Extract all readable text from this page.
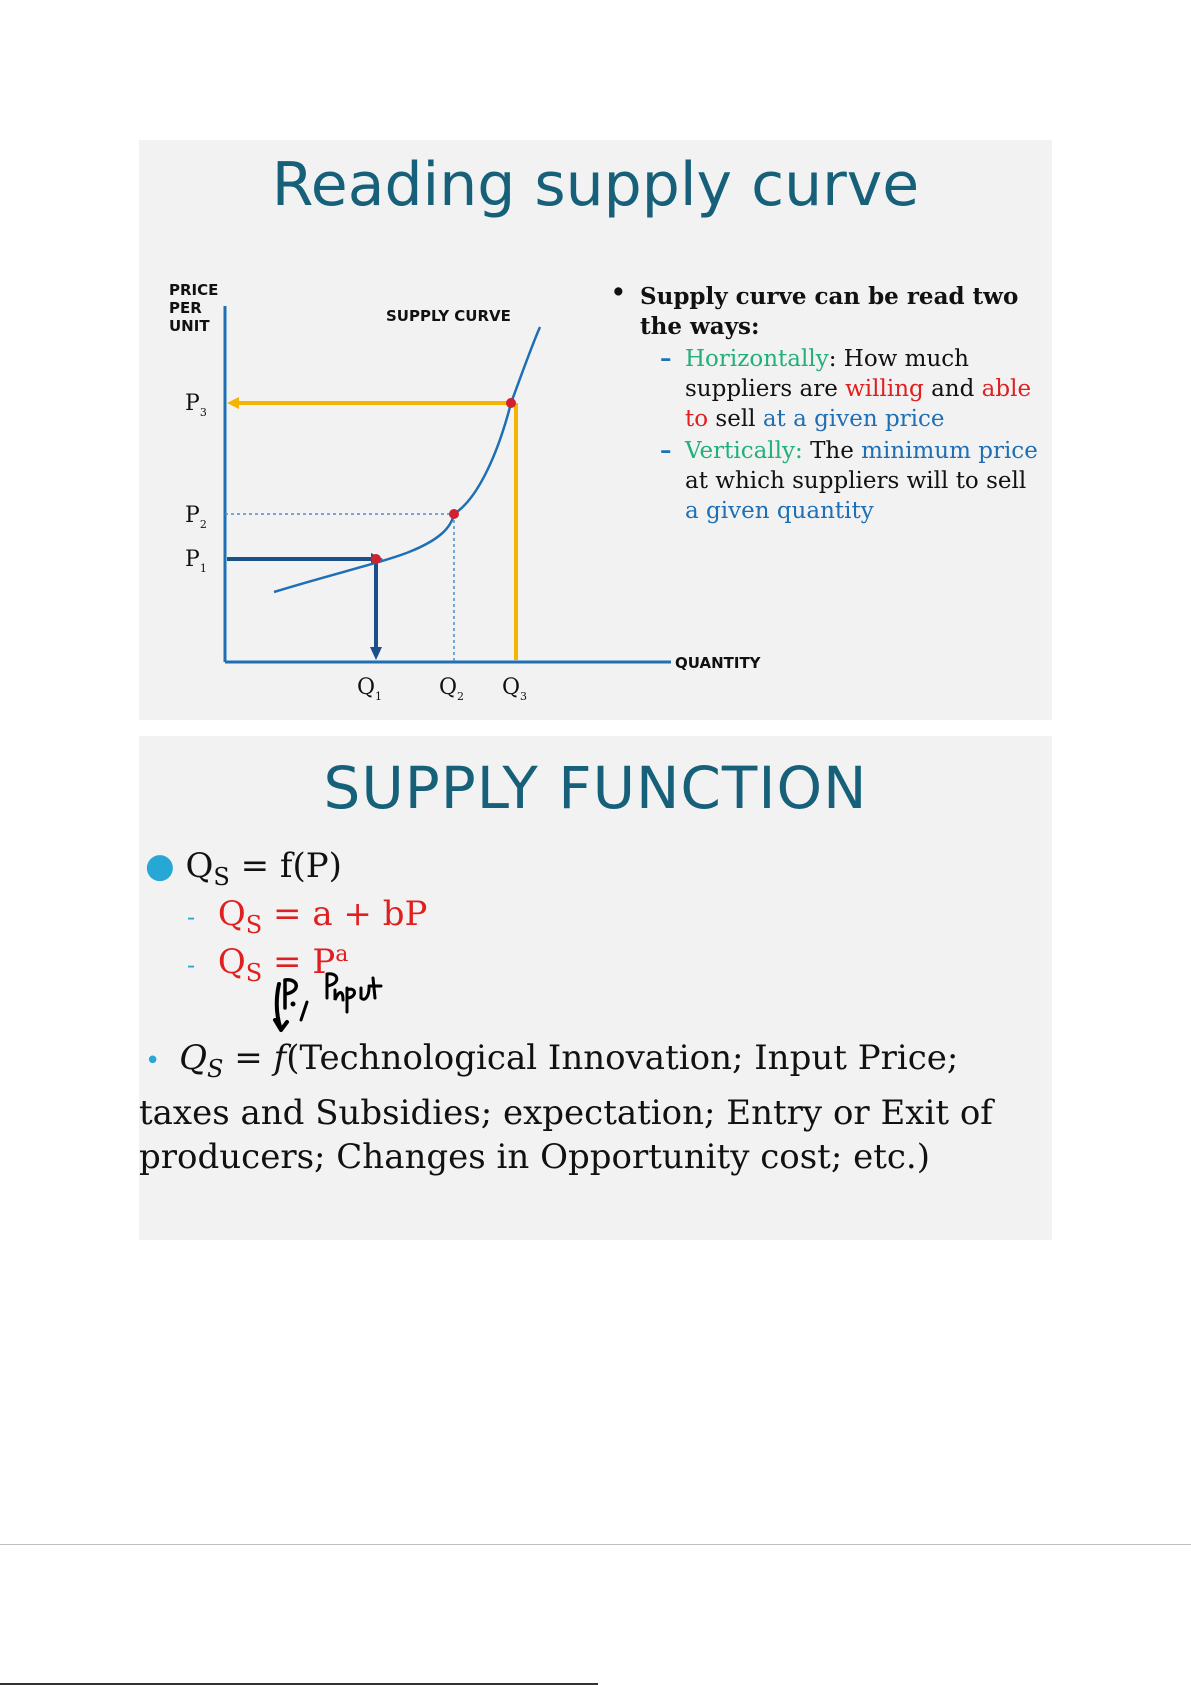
Reading supply curve
PRICE
PER
UNIT
SUPPLY CURVE
QUANTITY
$P_3$
$P_2$
$P_1$
$Q_1$	$Q_2$ $Q_3$
• Supply curve can be read two the ways:
– Horizontally: How much suppliers are willing and able to sell at a given price
– Vertically: The minimum price at which suppliers will to sell a given quantity
SUPPLY FUNCTION
● $Q_S = f(P)$
- $Q_S = a$ + bP
- $Q_S = P^a$
• $Q_S$ = f(Technological Innovation; Input Price; taxes and Subsidies; expectation; Entry or Exit of producers; Changes in Opportunity cost; etc.)
